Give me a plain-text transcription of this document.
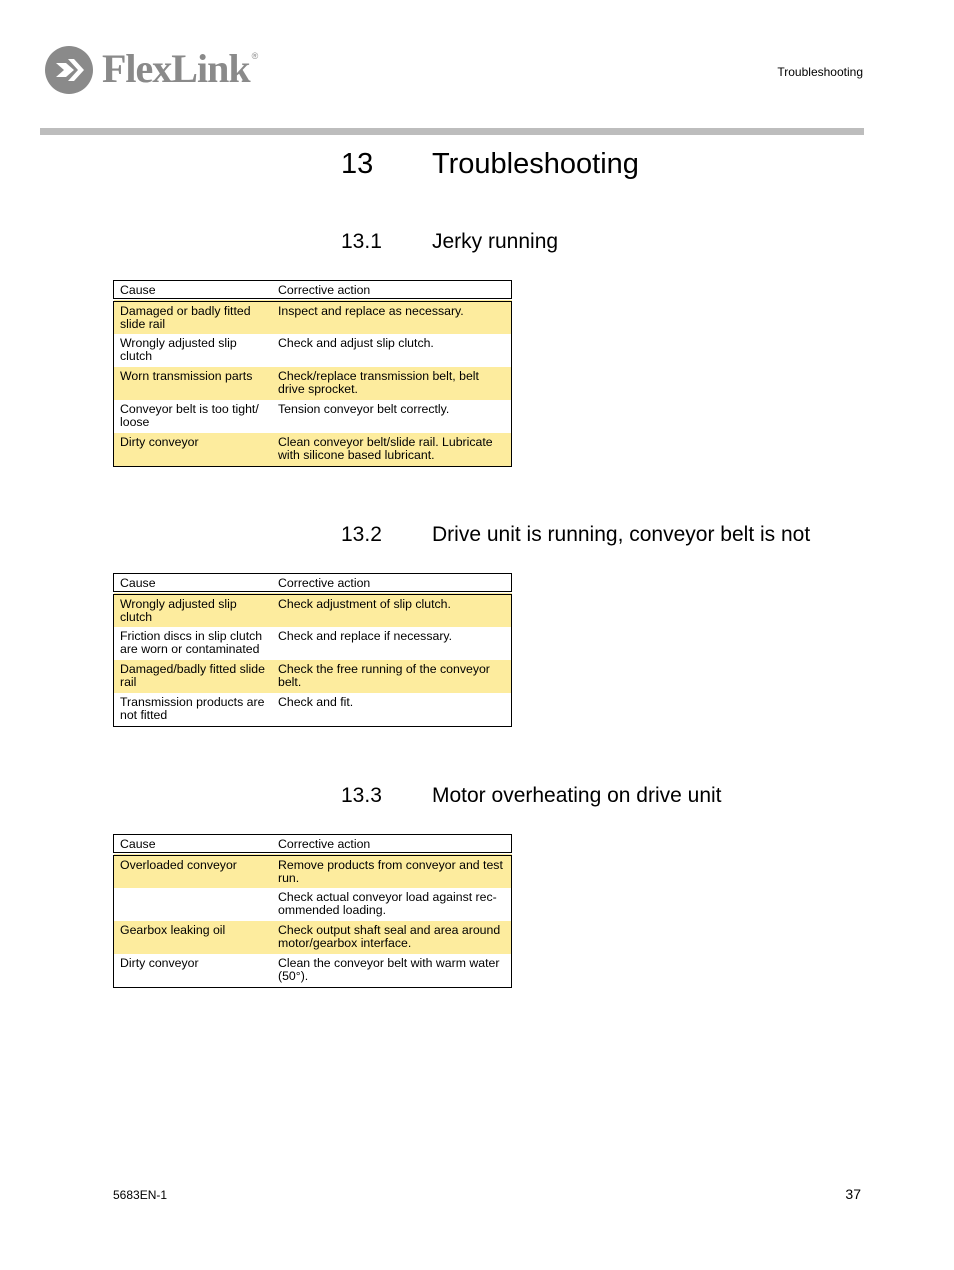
FlexLink ®
Troubleshooting
13	Troubleshooting
13.1	Jerky running
Cause	Corrective action
Damaged or badly fitted slide rail	Inspect and replace as necessary.
Wrongly adjusted slip clutch	Check and adjust slip clutch.
Worn transmission parts	Check/replace transmission belt, belt drive sprocket.
Conveyor belt is too tight/ loose	Tension conveyor belt correctly.
Dirty conveyor	Clean conveyor belt/slide rail. Lubricate with silicone based lubricant.
13.2	Drive unit is running, conveyor belt is not
Cause	Corrective action
Wrongly adjusted slip clutch	Check adjustment of slip clutch.
Friction discs in slip clutch are worn or contaminated	Check and replace if necessary.
Damaged/badly fitted slide rail	Check the free running of the conveyor belt.
Transmission products are not fitted	Check and fit.
13.3	Motor overheating on drive unit
Cause	Corrective action
Overloaded conveyor	Remove products from conveyor and test run.
	Check actual conveyor load against rec-ommended loading.
Gearbox leaking oil	Check output shaft seal and area around motor/gearbox interface.
Dirty conveyor	Clean the conveyor belt with warm water (50°).
5683EN-1	37
